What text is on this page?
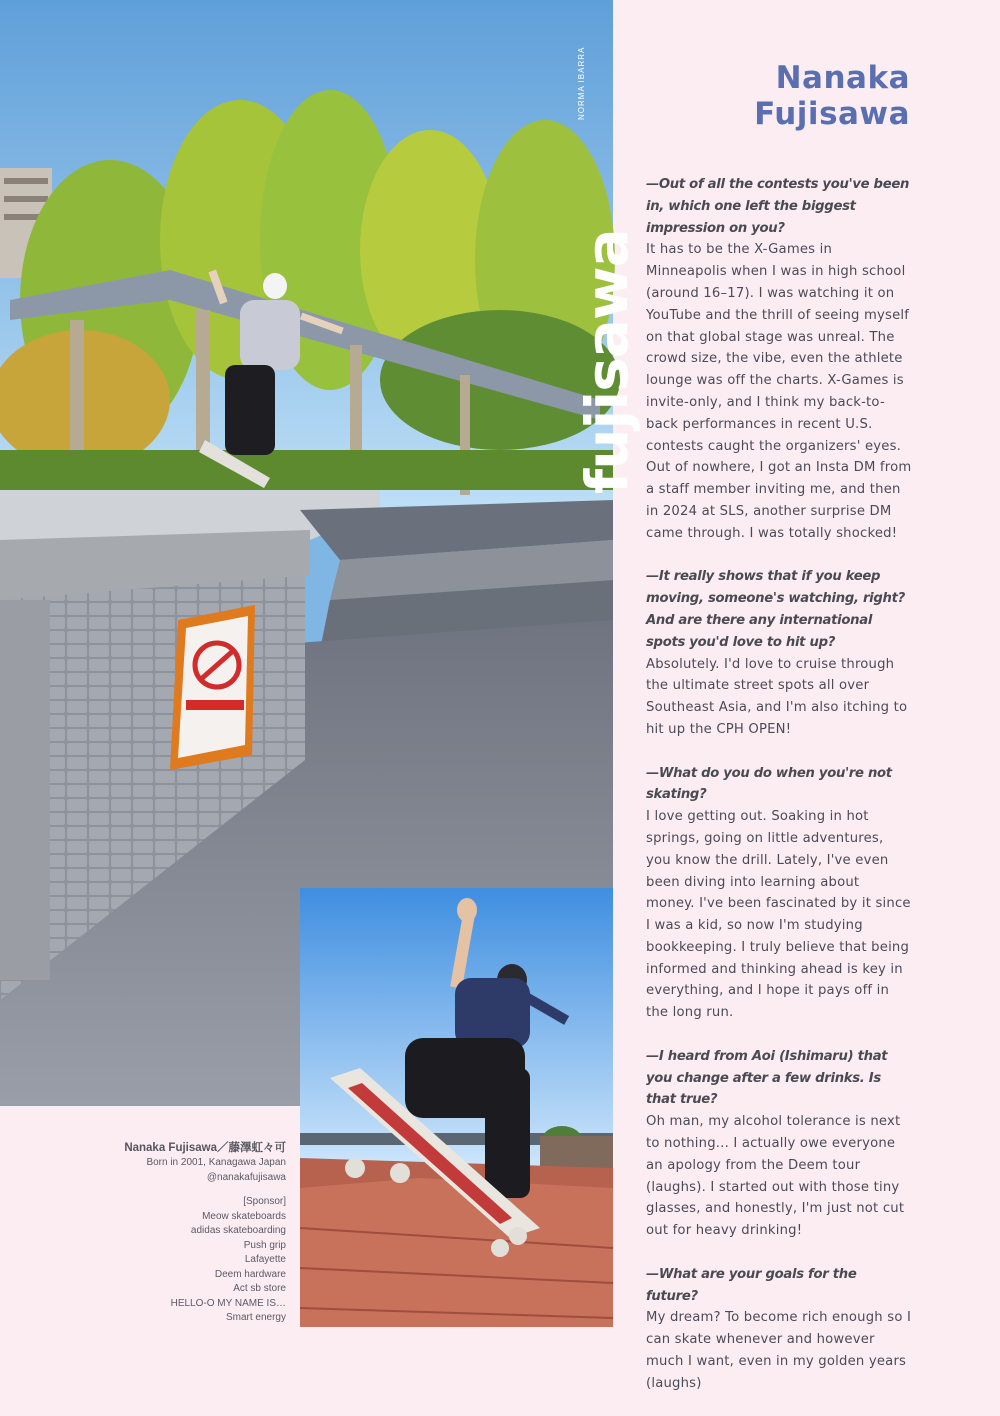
NORMA IBARRA
fujisawa
Nanaka Fujisawa／藤澤虹々可
Born in 2001, Kanagawa Japan
@nanakafujisawa
[Sponsor]
Meow skateboards
adidas skateboarding
Push grip
Lafayette
Deem hardware
Act sb store
HELLO-O MY NAME IS…
Smart energy
Nanaka
Fujisawa
—Out of all the contests you've been in, which one left the biggest impression on you?
It has to be the X-Games in Minneapolis when I was in high school (around 16–17). I was watching it on YouTube and the thrill of seeing myself on that global stage was unreal. The crowd size, the vibe, even the athlete lounge was off the charts. X-Games is invite-only, and I think my back-to-back performances in recent U.S. contests caught the organizers' eyes. Out of nowhere, I got an Insta DM from a staff member inviting me, and then in 2024 at SLS, another surprise DM came through. I was totally shocked!
—It really shows that if you keep moving, someone's watching, right? And are there any international spots you'd love to hit up?
Absolutely. I'd love to cruise through the ultimate street spots all over Southeast Asia, and I'm also itching to hit up the CPH OPEN!
—What do you do when you're not skating?
I love getting out. Soaking in hot springs, going on little adventures, you know the drill. Lately, I've even been diving into learning about money. I've been fascinated by it since I was a kid, so now I'm studying bookkeeping. I truly believe that being informed and thinking ahead is key in everything, and I hope it pays off in the long run.
—I heard from Aoi (Ishimaru) that you change after a few drinks. Is that true?
Oh man, my alcohol tolerance is next to nothing... I actually owe everyone an apology from the Deem tour (laughs). I started out with those tiny glasses, and honestly, I'm just not cut out for heavy drinking!
—What are your goals for the future?
My dream? To become rich enough so I can skate whenever and however much I want, even in my golden years (laughs)
